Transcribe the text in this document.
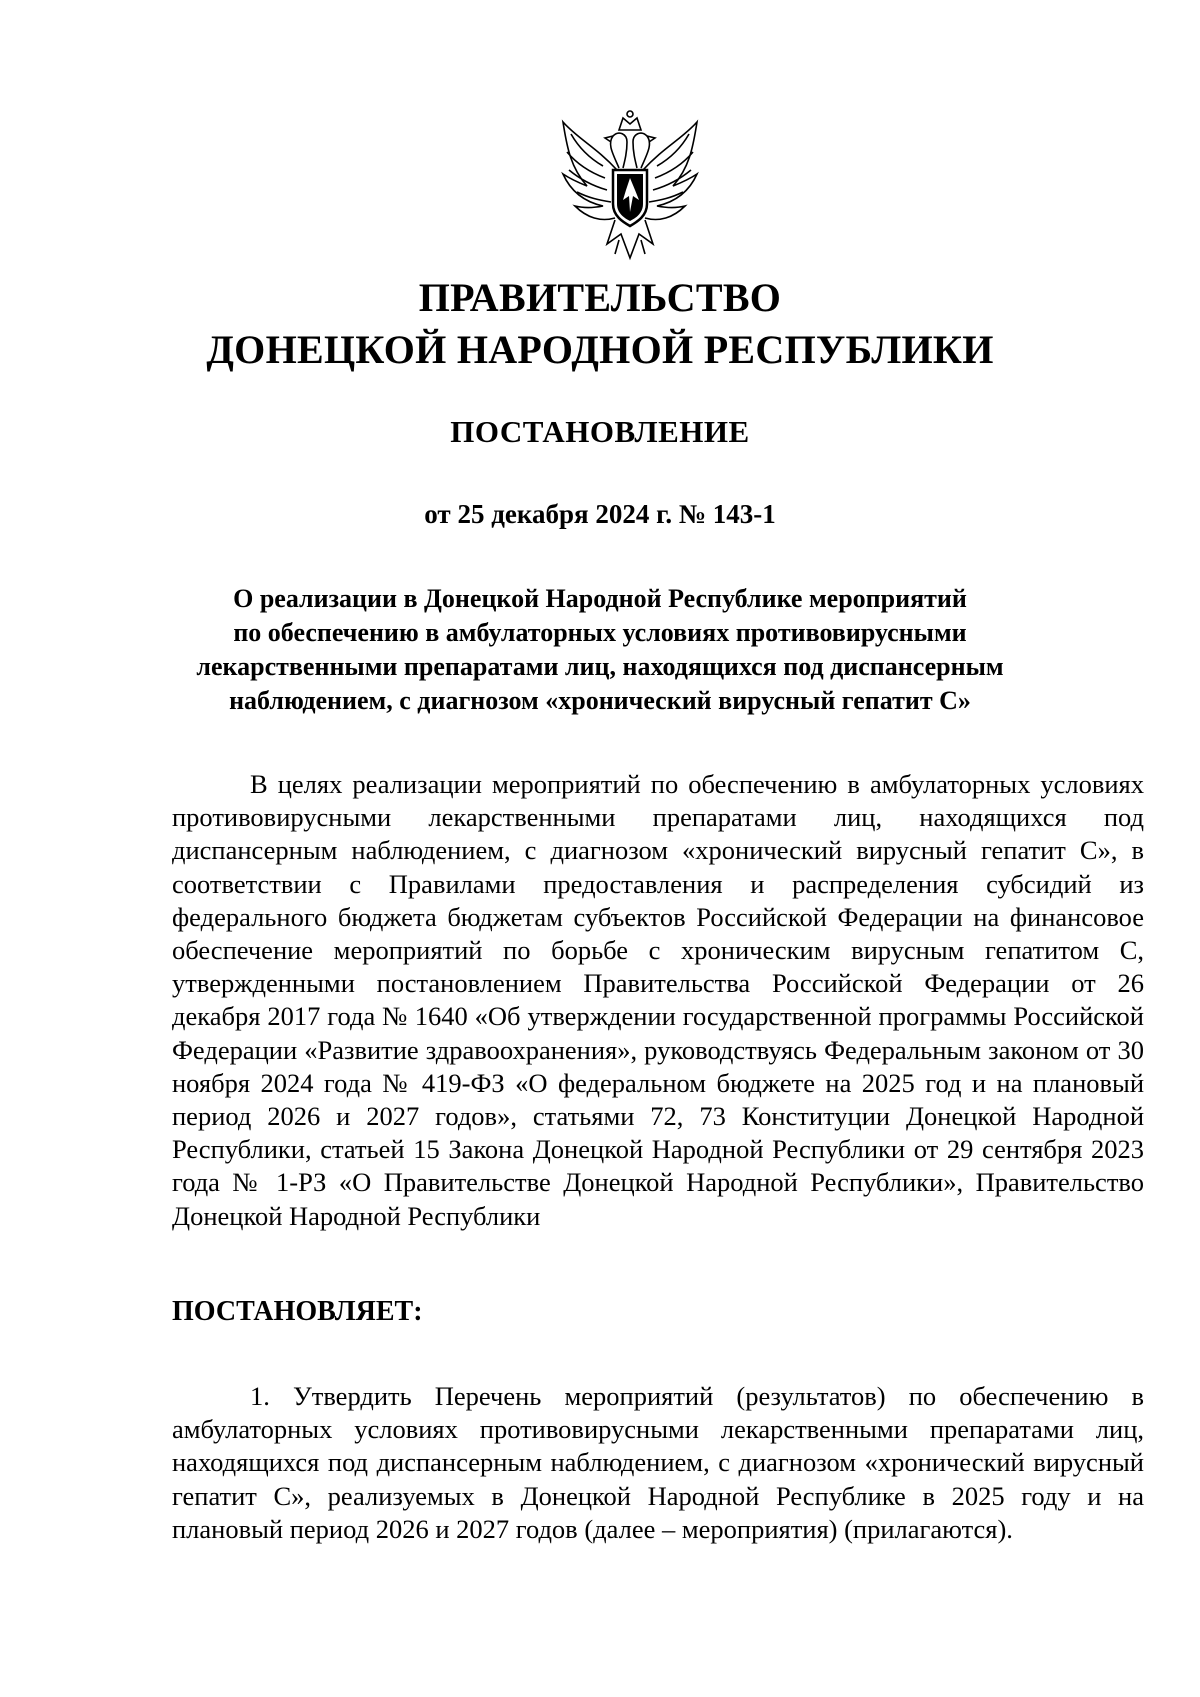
ПРАВИТЕЛЬСТВО
ДОНЕЦКОЙ НАРОДНОЙ РЕСПУБЛИКИ
ПОСТАНОВЛЕНИЕ
от 25 декабря 2024 г. № 143-1
О реализации в Донецкой Народной Республике мероприятий
по обеспечению в амбулаторных условиях противовирусными
лекарственными препаратами лиц, находящихся под диспансерным
наблюдением, с диагнозом «хронический вирусный гепатит С»

В целях реализации мероприятий по обеспечению в амбулаторных условиях противовирусными лекарственными препаратами лиц, находящихся под диспансерным наблюдением, с диагнозом «хронический вирусный гепатит С», в соответствии с Правилами предоставления и распределения субсидий из федерального бюджета бюджетам субъектов Российской Федерации на финансовое обеспечение мероприятий по борьбе с хроническим вирусным гепатитом С, утвержденными постановлением Правительства Российской Федерации от 26 декабря 2017 года № 1640 «Об утверждении государственной программы Российской Федерации «Развитие здравоохранения», руководствуясь Федеральным законом от 30 ноября 2024 года № 419-ФЗ «О федеральном бюджете на 2025 год и на плановый период 2026 и 2027 годов», статьями 72, 73 Конституции Донецкой Народной Республики, статьей 15 Закона Донецкой Народной Республики от 29 сентября 2023 года № 1-РЗ «О Правительстве Донецкой Народной Республики», Правительство Донецкой Народной Республики

ПОСТАНОВЛЯЕТ:

1. Утвердить Перечень мероприятий (результатов) по обеспечению в амбулаторных условиях противовирусными лекарственными препаратами лиц, находящихся под диспансерным наблюдением, с диагнозом «хронический вирусный гепатит С», реализуемых в Донецкой Народной Республике в 2025 году и на плановый период 2026 и 2027 годов (далее – мероприятия) (прилагаются).
